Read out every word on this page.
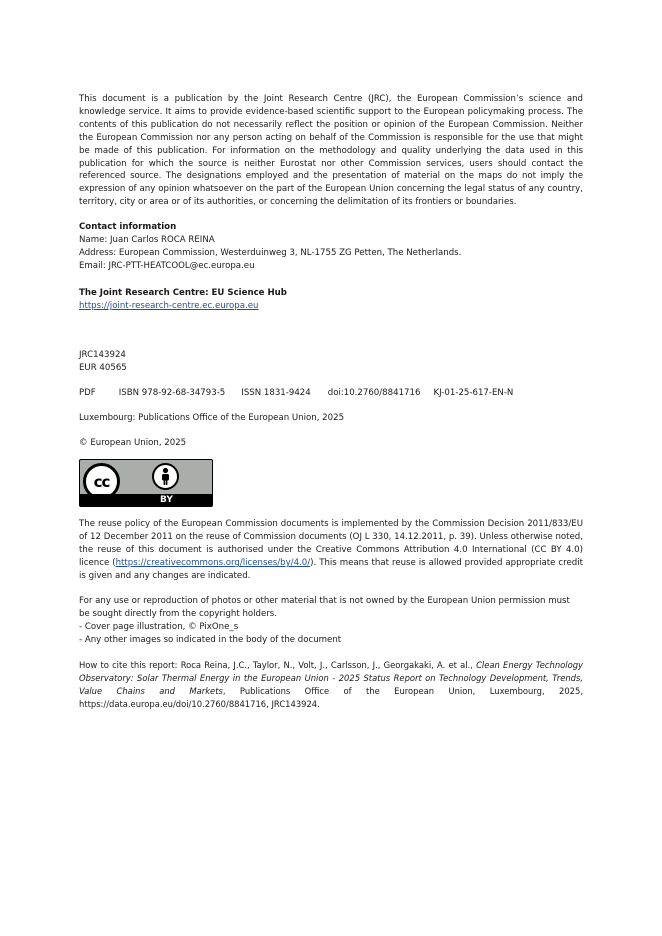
This document is a publication by the Joint Research Centre (JRC), the European Commission’s science and knowledge service. It aims to provide evidence-based scientific support to the European policymaking process. The contents of this publication do not necessarily reflect the position or opinion of the European Commission. Neither the European Commission nor any person acting on behalf of the Commission is responsible for the use that might be made of this publication. For information on the methodology and quality underlying the data used in this publication for which the source is neither Eurostat nor other Commission services, users should contact the referenced source. The designations employed and the presentation of material on the maps do not imply the expression of any opinion whatsoever on the part of the European Union concerning the legal status of any country, territory, city or area or of its authorities, or concerning the delimitation of its frontiers or boundaries.

Contact information

Name: Juan Carlos ROCA REINA

Address: European Commission, Westerduinweg 3, NL-1755 ZG Petten, The Netherlands.

Email: JRC-PTT-HEATCOOL@ec.europa.eu

The Joint Research Centre: EU Science Hub

https://joint-research-centre.ec.europa.eu

JRC143924

EUR 40565

PDF	ISBN 978-92-68-34793-5 ISSN 1831-9424 doi:10.2760/8841716 KJ-01-25-617-EN-N

Luxembourg: Publications Office of the European Union, 2025

© European Union, 2025

cc
BY

The reuse policy of the European Commission documents is implemented by the Commission Decision 2011/833/EU of 12 December 2011 on the reuse of Commission documents (OJ L 330, 14.12.2011, p. 39). Unless otherwise noted, the reuse of this document is authorised under the Creative Commons Attribution 4.0 International (CC BY 4.0) licence (https://creativecommons.org/licenses/by/4.0/). This means that reuse is allowed provided appropriate credit is given and any changes are indicated.

For any use or reproduction of photos or other material that is not owned by the European Union permission must be sought directly from the copyright holders.

- Cover page illustration, © PixOne_s

- Any other images so indicated in the body of the document

How to cite this report: Roca Reina, J.C., Taylor, N., Volt, J., Carlsson, J., Georgakaki, A. et al., Clean Energy Technology Observatory: Solar Thermal Energy in the European Union - 2025 Status Report on Technology Development, Trends, Value Chains and Markets, Publications Office of the European Union, Luxembourg, 2025, https://data.europa.eu/doi/10.2760/8841716, JRC143924.
